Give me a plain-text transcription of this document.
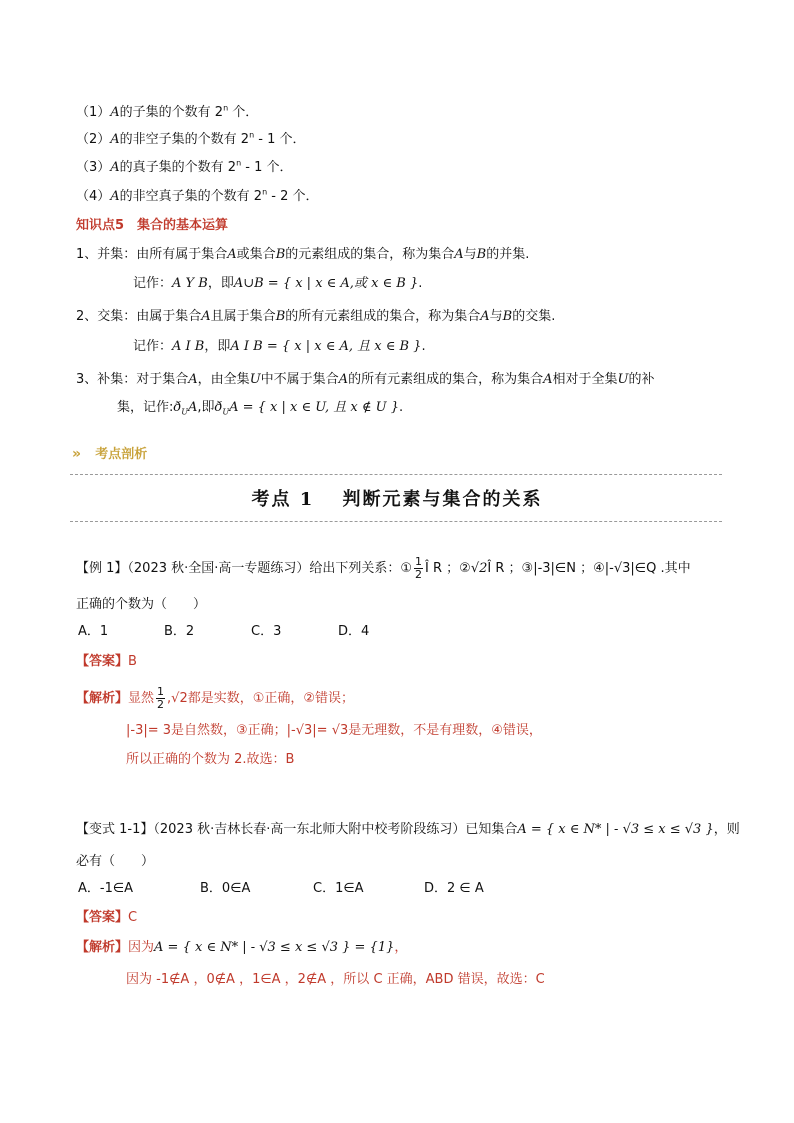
（1）A的子集的个数有 2$^n$ 个．
（2）A的非空子集的个数有 2$^n$ - 1 个．
（3）A的真子集的个数有 2$^n$ - 1 个．
（4）A的非空真子集的个数有 2$^n$ - 2 个．
知识点5　集合的基本运算
1、并集：由所有属于集合A或集合B的元素组成的集合，称为集合A与B的并集.
记作：A Y B，即A∪B = { x | x ∈ A,或 x ∈ B }.
2、交集：由属于集合A且属于集合B的所有元素组成的集合，称为集合A与B的交集.
记作：A I B，即A I B = { x | x ∈ A, 且 x ∈ B }.
3、补集：对于集合A，由全集U中不属于集合A的所有元素组成的集合，称为集合A相对于全集U的补
集，记作$:ð_UA$,即$ð_UA$ = { x | x ∈ U, 且 x ∉ U }.
» 考点剖析
考点 1　 判断元素与集合的关系
【例 1】（2023 秋·全国·高一专题练习）给出下列关系：① $\frac{1}{2}$ Î R ；②√2Î R ；③|-3|∈N ；④|-√3|∈Q .其中
正确的个数为（　　）
A．1	B．2	C．3	D．4
【答案】B
【解析】显然 $\frac{1}{2} ,√2$都是实数，①正确，②错误；
|-3|= 3是自然数，③正确；|-√3|= √3是无理数，不是有理数，④错误，
所以正确的个数为 2.故选：B
【变式 1-1】（2023 秋·吉林长春·高一东北师大附中校考阶段练习）已知集合A = { x ∈ N* | - √3 ≤ x ≤ √3 }，则
必有（　　）
A．-1∈A	B．0∈A	C．1∈A	D．2 ∈ A
【答案】C
【解析】因为A = { x ∈ N* | - √3 ≤ x ≤ √3 } = {1}，
因为 -1∉A ，0∉A ，1∈A ，2∉A ，所以 C 正确，ABD 错误，故选：C
